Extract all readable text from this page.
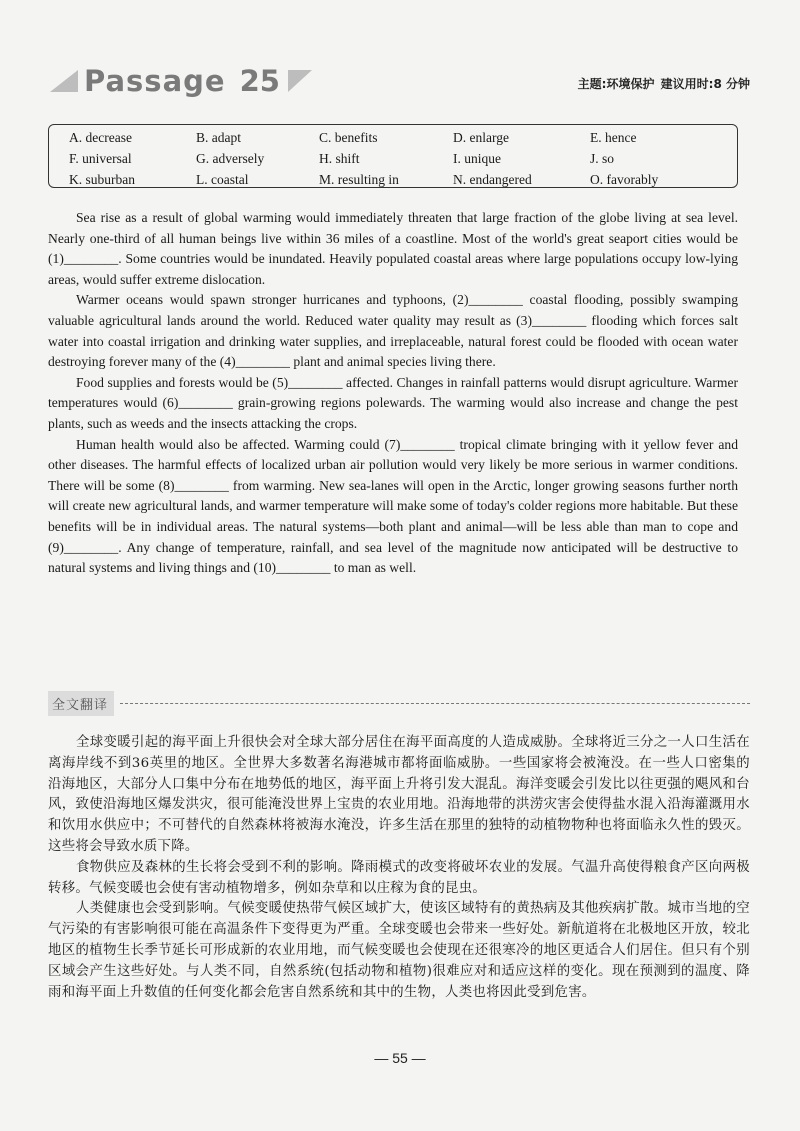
Passage 25	主题:环境保护 建议用时:8 分钟
A. decrease	B. adapt	C. benefits	D. enlarge	E. hence
F. universal	G. adversely	H. shift	I. unique	J. so
K. suburban	L. coastal	M. resulting in	N. endangered	O. favorably

Sea rise as a result of global warming would immediately threaten that large fraction of the globe living at sea level. Nearly one-third of all human beings live within 36 miles of a coastline. Most of the world's great seaport cities would be (1)________. Some countries would be inundated. Heavily populated coastal areas where large populations occupy low-lying areas, would suffer extreme dislocation.

Warmer oceans would spawn stronger hurricanes and typhoons, (2)________ coastal flooding, possibly swamping valuable agricultural lands around the world. Reduced water quality may result as (3)________ flooding which forces salt water into coastal irrigation and drinking water supplies, and irreplaceable, natural forest could be flooded with ocean water destroying forever many of the (4)________ plant and animal species living there.

Food supplies and forests would be (5)________ affected. Changes in rainfall patterns would disrupt agriculture. Warmer temperatures would (6)________ grain-growing regions polewards. The warming would also increase and change the pest plants, such as weeds and the insects attacking the crops.

Human health would also be affected. Warming could (7)________ tropical climate bringing with it yellow fever and other diseases. The harmful effects of localized urban air pollution would very likely be more serious in warmer conditions. There will be some (8)________ from warming. New sea-lanes will open in the Arctic, longer growing seasons further north will create new agricultural lands, and warmer temperature will make some of today's colder regions more habitable. But these benefits will be in individual areas. The natural systems—both plant and animal—will be less able than man to cope and (9)________. Any change of temperature, rainfall, and sea level of the magnitude now anticipated will be destructive to natural systems and living things and (10)________ to man as well.

全文翻译

全球变暖引起的海平面上升很快会对全球大部分居住在海平面高度的人造成威胁。全球将近三分之一人口生活在离海岸线不到36英里的地区。全世界大多数著名海港城市都将面临威胁。一些国家将会被淹没。在一些人口密集的沿海地区，大部分人口集中分布在地势低的地区，海平面上升将引发大混乱。海洋变暖会引发比以往更强的飓风和台风，致使沿海地区爆发洪灾，很可能淹没世界上宝贵的农业用地。沿海地带的洪涝灾害会使得盐水混入沿海灌溉用水和饮用水供应中；不可替代的自然森林将被海水淹没，许多生活在那里的独特的动植物物种也将面临永久性的毁灭。这些将会导致水质下降。

食物供应及森林的生长将会受到不利的影响。降雨模式的改变将破坏农业的发展。气温升高使得粮食产区向两极转移。气候变暖也会使有害动植物增多，例如杂草和以庄稼为食的昆虫。

人类健康也会受到影响。气候变暖使热带气候区域扩大，使该区域特有的黄热病及其他疾病扩散。城市当地的空气污染的有害影响很可能在高温条件下变得更为严重。全球变暖也会带来一些好处。新航道将在北极地区开放，较北地区的植物生长季节延长可形成新的农业用地，而气候变暖也会使现在还很寒冷的地区更适合人们居住。但只有个别区域会产生这些好处。与人类不同，自然系统(包括动物和植物)很难应对和适应这样的变化。现在预测到的温度、降雨和海平面上升数值的任何变化都会危害自然系统和其中的生物，人类也将因此受到危害。

— 55 —
